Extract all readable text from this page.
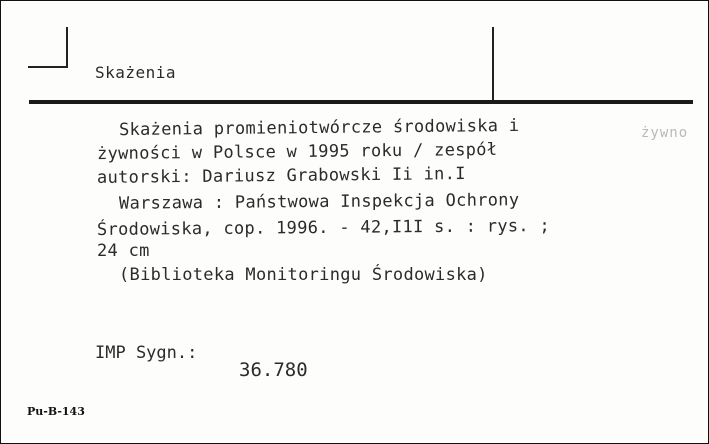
Skażenia
żywno
Skażenia promieniotwórcze środowiska i
żywności w Polsce w 1995 roku / zespół
autorski: Dariusz Grabowski Ii in.I
Warszawa : Państwowa Inspekcja Ochrony
Środowiska, cop. 1996. - 42,I1I s. : rys. ;
24 cm
(Biblioteka Monitoringu Środowiska)
IMP Sygn.:
36.780
Pu-B-143
